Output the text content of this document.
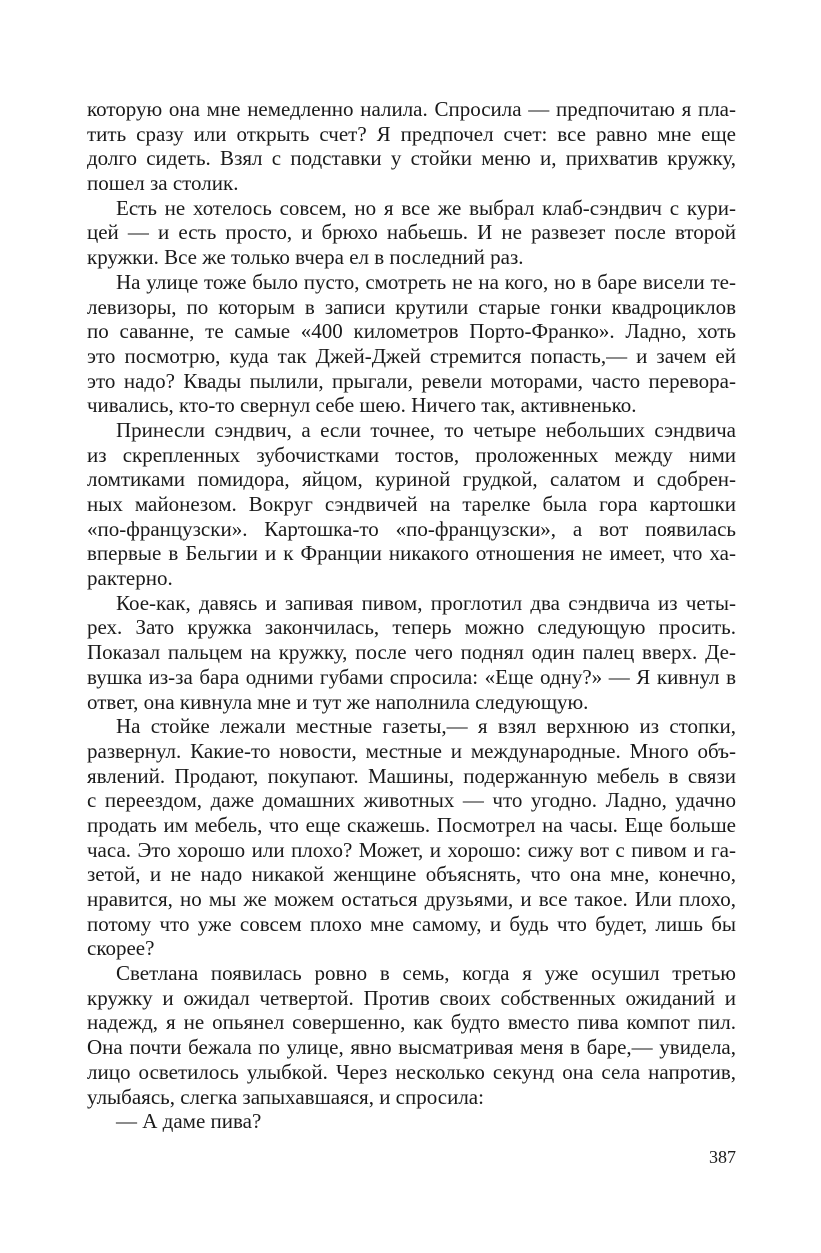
которую она мне немедленно налила. Спросила — предпочитаю я пла-
тить сразу или открыть счет? Я предпочел счет: все равно мне еще
долго сидеть. Взял с подставки у стойки меню и, прихватив кружку,
пошел за столик.
Есть не хотелось совсем, но я все же выбрал клаб-сэндвич с кури-
цей — и есть просто, и брюхо набьешь. И не развезет после второй
кружки. Все же только вчера ел в последний раз.
На улице тоже было пусто, смотреть не на кого, но в баре висели те-
левизоры, по которым в записи крутили старые гонки квадроциклов
по саванне, те самые «400 километров Порто-Франко». Ладно, хоть
это посмотрю, куда так Джей-Джей стремится попасть,— и зачем ей
это надо? Квады пылили, прыгали, ревели моторами, часто перевора-
чивались, кто-то свернул себе шею. Ничего так, активненько.
Принесли сэндвич, а если точнее, то четыре небольших сэндвича
из скрепленных зубочистками тостов, проложенных между ними
ломтиками помидора, яйцом, куриной грудкой, салатом и сдобрен-
ных майонезом. Вокруг сэндвичей на тарелке была гора картошки
«по-французски». Картошка-то «по-французски», а вот появилась
впервые в Бельгии и к Франции никакого отношения не имеет, что ха-
рактерно.
Кое-как, давясь и запивая пивом, проглотил два сэндвича из четы-
рех. Зато кружка закончилась, теперь можно следующую просить.
Показал пальцем на кружку, после чего поднял один палец вверх. Де-
вушка из-за бара одними губами спросила: «Еще одну?» — Я кивнул в
ответ, она кивнула мне и тут же наполнила следующую.
На стойке лежали местные газеты,— я взял верхнюю из стопки,
развернул. Какие-то новости, местные и международные. Много объ-
явлений. Продают, покупают. Машины, подержанную мебель в связи
с переездом, даже домашних животных — что угодно. Ладно, удачно
продать им мебель, что еще скажешь. Посмотрел на часы. Еще больше
часа. Это хорошо или плохо? Может, и хорошо: сижу вот с пивом и га-
зетой, и не надо никакой женщине объяснять, что она мне, конечно,
нравится, но мы же можем остаться друзьями, и все такое. Или плохо,
потому что уже совсем плохо мне самому, и будь что будет, лишь бы
скорее?
Светлана появилась ровно в семь, когда я уже осушил третью
кружку и ожидал четвертой. Против своих собственных ожиданий и
надежд, я не опьянел совершенно, как будто вместо пива компот пил.
Она почти бежала по улице, явно высматривая меня в баре,— увидела,
лицо осветилось улыбкой. Через несколько секунд она села напротив,
улыбаясь, слегка запыхавшаяся, и спросила:
— А даме пива?
387
